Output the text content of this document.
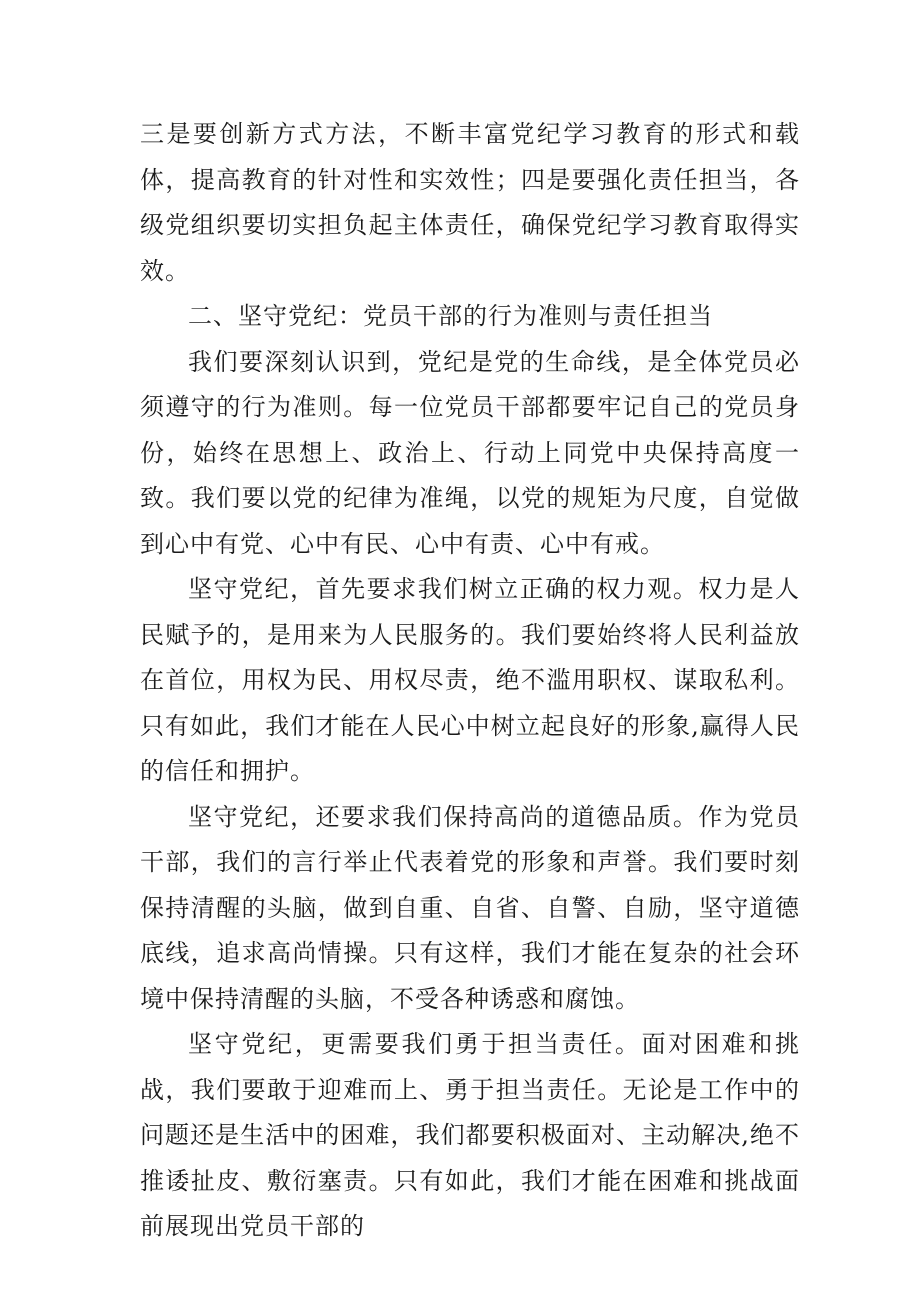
三是要创新方式方法，不断丰富党纪学习教育的形式和载体，提高教育的针对性和实效性；四是要强化责任担当，各级党组织要切实担负起主体责任，确保党纪学习教育取得实效。

二、坚守党纪：党员干部的行为准则与责任担当

我们要深刻认识到，党纪是党的生命线，是全体党员必须遵守的行为准则。每一位党员干部都要牢记自己的党员身份，始终在思想上、政治上、行动上同党中央保持高度一致。我们要以党的纪律为准绳，以党的规矩为尺度，自觉做到心中有党、心中有民、心中有责、心中有戒。

坚守党纪，首先要求我们树立正确的权力观。权力是人民赋予的，是用来为人民服务的。我们要始终将人民利益放在首位，用权为民、用权尽责，绝不滥用职权、谋取私利。只有如此，我们才能在人民心中树立起良好的形象,赢得人民的信任和拥护。

坚守党纪，还要求我们保持高尚的道德品质。作为党员干部，我们的言行举止代表着党的形象和声誉。我们要时刻保持清醒的头脑，做到自重、自省、自警、自励，坚守道德底线，追求高尚情操。只有这样，我们才能在复杂的社会环境中保持清醒的头脑，不受各种诱惑和腐蚀。

坚守党纪，更需要我们勇于担当责任。面对困难和挑战，我们要敢于迎难而上、勇于担当责任。无论是工作中的问题还是生活中的困难，我们都要积极面对、主动解决,绝不推诿扯皮、敷衍塞责。只有如此，我们才能在困难和挑战面前展现出党员干部的
